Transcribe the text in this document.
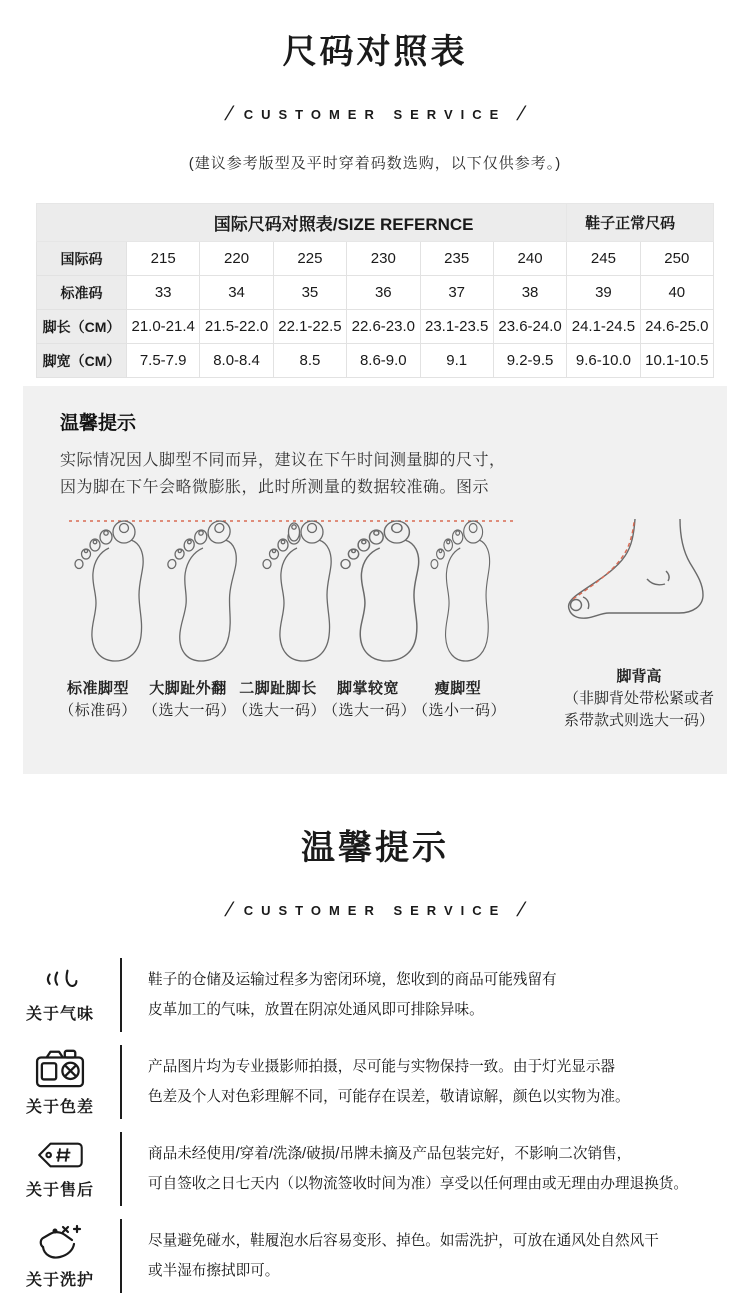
尺码对照表
/ CUSTOMER SERVICE /
(建议参考版型及平时穿着码数选购，以下仅供参考。)
国际尺码对照表/SIZE REFERNCE							鞋子正常尺码	
国际码	215	220	225	230	235	240	245	250
标准码	33	34	35	36	37	38	39	40
脚长（CM）	21.0-21.4	21.5-22.0	22.1-22.5	22.6-23.0	23.1-23.5	23.6-24.0	24.1-24.5	24.6-25.0
脚宽（CM）	7.5-7.9	8.0-8.4	8.5	8.6-9.0	9.1	9.2-9.5	9.6-10.0	10.1-10.5
温馨提示
实际情况因人脚型不同而异，建议在下午时间测量脚的尺寸，
因为脚在下午会略微膨胀，此时所测量的数据较准确。图示
标准脚型
（标准码）
大脚趾外翻
（选大一码）
二脚趾脚长
（选大一码）
脚掌较宽
（选大一码）
瘦脚型
（选小一码）
脚背高
（非脚背处带松紧或者
系带款式则选大一码）
温馨提示
/ CUSTOMER SERVICE /
关于气味
鞋子的仓储及运输过程多为密闭环境，您收到的商品可能残留有
皮革加工的气味，放置在阴凉处通风即可排除异味。
关于色差
产品图片均为专业摄影师拍摄，尽可能与实物保持一致。由于灯光显示器
色差及个人对色彩理解不同，可能存在误差，敬请谅解，颜色以实物为准。
关于售后
商品未经使用/穿着/洗涤/破损/吊牌未摘及产品包装完好，不影响二次销售，
可自签收之日七天内（以物流签收时间为准）享受以任何理由或无理由办理退换货。
关于洗护
尽量避免碰水，鞋履泡水后容易变形、掉色。如需洗护，可放在通风处自然风干
或半湿布擦拭即可。
